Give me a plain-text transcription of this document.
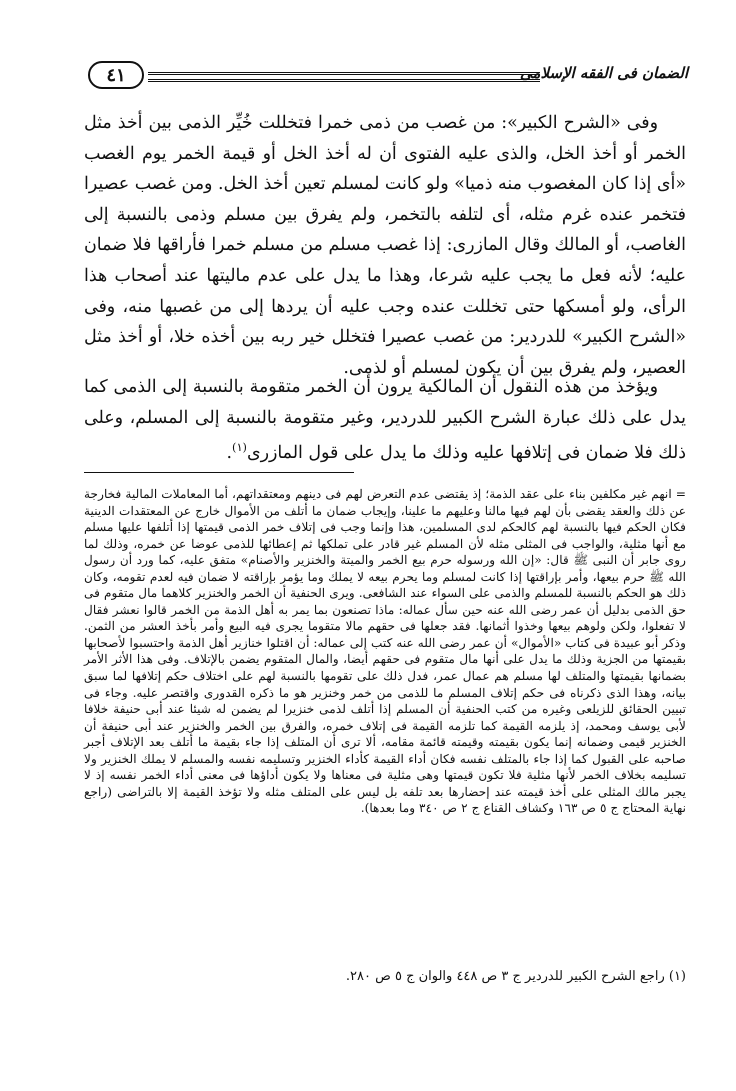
٤١	الضمان فى الفقه الإسلامى

وفى «الشرح الكبير»: من غصب من ذمى خمرا فتخللت خُيِّر الذمى بين أخذ مثل الخمر أو أخذ الخل، والذى عليه الفتوى أن له أخذ الخل أو قيمة الخمر يوم الغصب «أى إذا كان المغصوب منه ذميا» ولو كانت لمسلم تعين أخذ الخل. ومن غصب عصيرا فتخمر عنده غرم مثله، أى لتلفه بالتخمر، ولم يفرق بين مسلم وذمى بالنسبة إلى الغاصب، أو المالك وقال المازرى: إذا غصب مسلم من مسلم خمرا فأراقها فلا ضمان عليه؛ لأنه فعل ما يجب عليه شرعا، وهذا ما يدل على عدم ماليتها عند أصحاب هذا الرأى، ولو أمسكها حتى تخللت عنده وجب عليه أن يردها إلى من غصبها منه، وفى «الشرح الكبير» للدردير: من غصب عصيرا فتخلل خير ربه بين أخذه خلا، أو أخذ مثل العصير، ولم يفرق بين أن يكون لمسلم أو لذمى.

ويؤخذ من هذه النقول أن المالكية يرون أن الخمر متقومة بالنسبة إلى الذمى كما يدل على ذلك عبارة الشرح الكبير للدردير، وغير متقومة بالنسبة إلى المسلم، وعلى ذلك فلا ضمان فى إتلافها عليه وذلك ما يدل على قول المازرى$^{(١)}$.

= انهم غير مكلفين بناء على عقد الذمة؛ إذ يقتضى عدم التعرض لهم فى دينهم ومعتقداتهم، أما المعاملات المالية فخارجة عن ذلك والعقد يقضى بأن لهم فيها مالنا وعليهم ما علينا، وإيجاب ضمان ما أتلف من الأموال خارج عن المعتقدات الدينية فكان الحكم فيها بالنسبة لهم كالحكم لدى المسلمين، هذا وإنما وجب فى إتلاف خمر الذمى قيمتها إذا أتلفها عليها مسلم مع أنها مثلية، والواجب فى المثلى مثله لأن المسلم غير قادر على تملكها ثم إعطائها للذمى عوضا عن خمره، وذلك لما روى جابر أن النبى ﷺ قال: «إن الله ورسوله حرم بيع الخمر والميتة والخنزير والأصنام» متفق عليه، كما ورد أن رسول الله ﷺ حرم بيعها، وأمر بإراقتها إذا كانت لمسلم وما يحرم بيعه لا يملك وما يؤمر بإراقته لا ضمان فيه لعدم تقومه، وكان ذلك هو الحكم بالنسبة للمسلم والذمى على السواء عند الشافعى. ويرى الحنفية أن الخمر والخنزير كلاهما مال متقوم فى حق الذمى بدليل أن عمر رضى الله عنه حين سأل عماله: ماذا تصنعون بما يمر به أهل الذمة من الخمر قالوا نعشر فقال لا تفعلوا، ولكن ولوهم بيعها وخذوا أثمانها. فقد جعلها فى حقهم مالا متقوما يجرى فيه البيع وأمر بأخذ العشر من الثمن. وذكر أبو عبيدة فى كتاب «الأموال» أن عمر رضى الله عنه كتب إلى عماله: أن اقتلوا خنازير أهل الذمة واحتسبوا لأصحابها بقيمتها من الجزية وذلك ما يدل على أنها مال متقوم فى حقهم أيضا، والمال المتقوم يضمن بالإتلاف. وفى هذا الأثر الأمر بضمانها بقيمتها والمتلف لها مسلم هم عمال عمر، فدل ذلك على تقومها بالنسبة لهم على اختلاف حكم إتلافها لما سبق بيانه، وهذا الذى ذكرناه فى حكم إتلاف المسلم ما للذمى من خمر وخنزير هو ما ذكره القدورى واقتصر عليه. وجاء فى تبيين الحقائق للزيلعى وغيره من كتب الحنفية أن المسلم إذا أتلف لذمى خنزيرا لم يضمن له شيئا عند أبى حنيفة خلافا لأبى يوسف ومحمد، إذ يلزمه القيمة كما تلزمه القيمة فى إتلاف خمره، والفرق بين الخمر والخنزير عند أبى حنيفة أن الخنزير قيمى وضمانه إنما يكون بقيمته وقيمته قائمة مقامه، ألا ترى أن المتلف إذا جاء بقيمة ما أتلف بعد الإتلاف أجبر صاحبه على القبول كما إذا جاء بالمتلف نفسه فكان أداء القيمة كأداء الخنزير وتسليمه نفسه والمسلم لا يملك الخنزير ولا تسليمه بخلاف الخمر لأنها مثلية فلا تكون قيمتها وهى مثلية فى معناها ولا يكون أداؤها فى معنى أداء الخمر نفسه إذ لا يجبر مالك المثلى على أخذ قيمته عند إحضارها بعد تلفه بل ليس على المتلف مثله ولا تؤخذ القيمة إلا بالتراضى (راجع نهاية المحتاج ج ٥ ص ١٦٣ وكشاف القناع ج ٢ ص ٣٤٠ وما بعدها).

(١) راجع الشرح الكبير للدردير ج ٣ ص ٤٤٨ والوان ج ٥ ص ٢٨٠.
